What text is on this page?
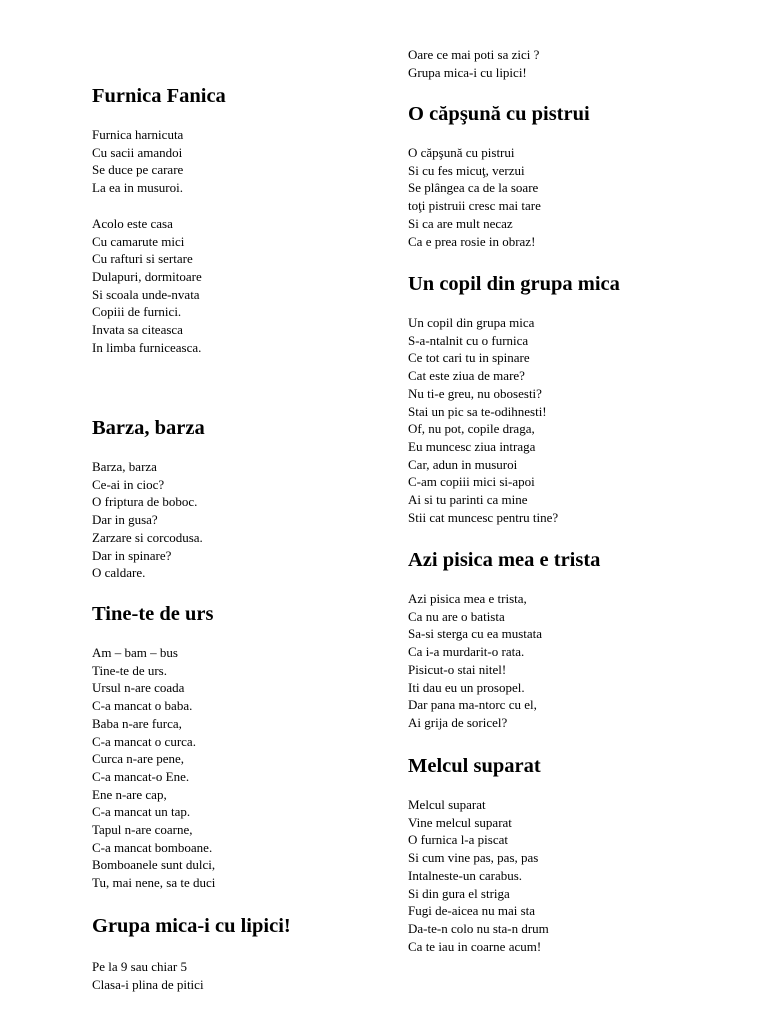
Furnica Fanica
Furnica harnicuta
Cu sacii amandoi
Se duce pe carare
La ea in musuroi.
Acolo este casa
Cu camarute mici
Cu rafturi si sertare
Dulapuri, dormitoare
Si scoala unde-nvata
Copiii de furnici.
Invata sa citeasca
In limba furniceasca.
Barza, barza
Barza, barza
Ce-ai in cioc?
O friptura de boboc.
Dar in gusa?
Zarzare si corcodusa.
Dar in spinare?
O caldare.
Tine-te de urs
Am – bam – bus
Tine-te de urs.
Ursul n-are coada
C-a mancat o baba.
Baba n-are furca,
C-a mancat o curca.
Curca n-are pene,
C-a mancat-o Ene.
Ene n-are cap,
C-a mancat un tap.
Tapul n-are coarne,
C-a mancat bomboane.
Bomboanele sunt dulci,
Tu, mai nene, sa te duci
Grupa mica-i cu lipici!
Pe la 9 sau chiar 5
Clasa-i plina de pitici
Oare ce mai poti sa zici ?
Grupa mica-i cu lipici!
O căpşună cu pistrui
O căpşună cu pistrui
Si cu fes micuţ, verzui
Se plângea ca de la soare
toţi pistruii cresc mai tare
Si ca are mult necaz
Ca e prea rosie in obraz!
Un copil din grupa mica
Un copil din grupa mica
S-a-ntalnit cu o furnica
Ce tot cari tu in spinare
Cat este ziua de mare?
Nu ti-e greu, nu obosesti?
Stai un pic sa te-odihnesti!
Of, nu pot, copile draga,
Eu muncesc ziua intraga
Car, adun in musuroi
C-am copiii mici si-apoi
Ai si tu parinti ca mine
Stii cat muncesc pentru tine?
Azi pisica mea e trista
Azi pisica mea e trista,
Ca nu are o batista
Sa-si sterga cu ea mustata
Ca i-a murdarit-o rata.
Pisicut-o stai nitel!
Iti dau eu un prosopel.
Dar pana ma-ntorc cu el,
Ai grija de soricel?
Melcul suparat
Melcul suparat
Vine melcul suparat
O furnica l-a piscat
Si cum vine pas, pas, pas
Intalneste-un carabus.
Si din gura el striga
Fugi de-aicea nu mai sta
Da-te-n colo nu sta-n drum
Ca te iau in coarne acum!
